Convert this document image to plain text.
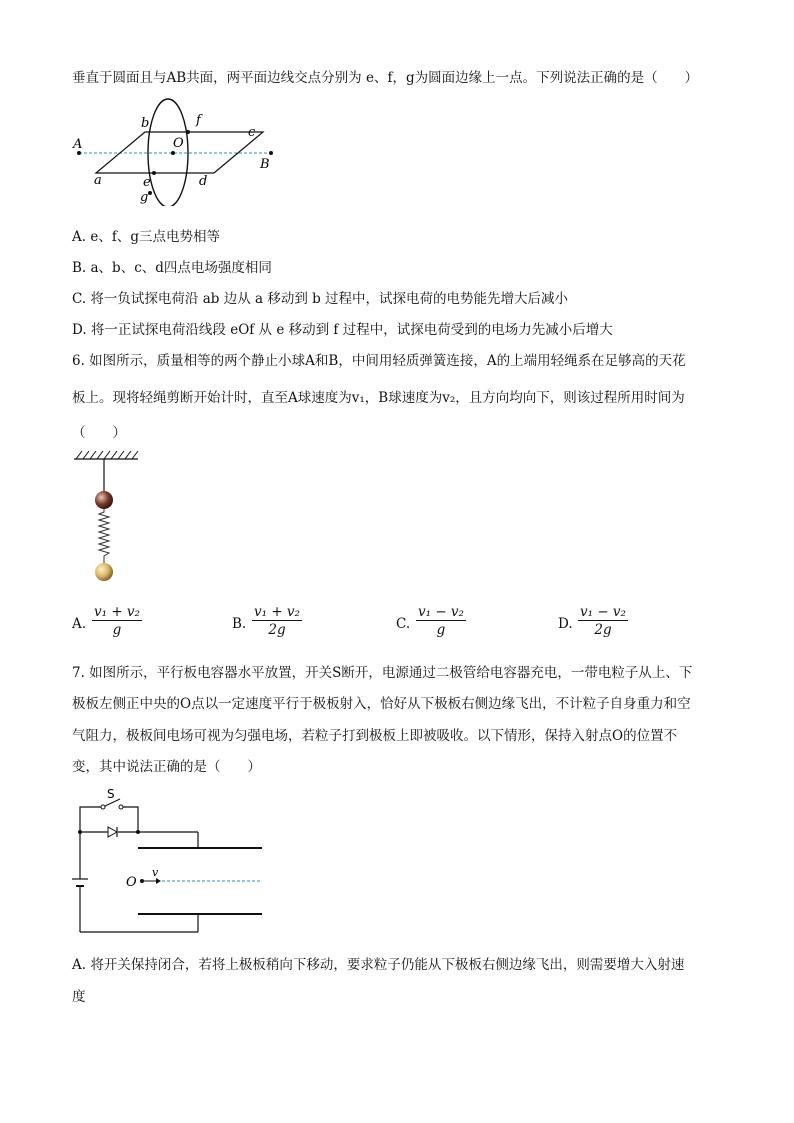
垂直于圆面且与AB共面，两平面边线交点分别为 e、f，g为圆面边缘上一点。下列说法正确的是（　　）
A
B
O
a
b
c
d
e
f
g
A. e、f、g三点电势相等
B. a、b、c、d四点电场强度相同
C. 将一负试探电荷沿 ab 边从 a 移动到 b 过程中，试探电荷的电势能先增大后减小
D. 将一正试探电荷沿线段 eOf 从 e 移动到 f 过程中，试探电荷受到的电场力先减小后增大
6. 如图所示，质量相等的两个静止小球A和B，中间用轻质弹簧连接，A的上端用轻绳系在足够高的天花
板上。现将轻绳剪断开始计时，直至A球速度为v₁，B球速度为v₂，且方向均向下，则该过程所用时间为
（　　）
A. $\frac{\text{v₁ + v₂}}{g}$	B. $\frac{\text{v₁ + v₂}}{2g}$	C. $\frac{\text{v₁ − v₂}}{g}$	D. $\frac{\text{v₁ − v₂}}{2g}$
7. 如图所示，平行板电容器水平放置，开关S断开，电源通过二极管给电容器充电，一带电粒子从上、下
极板左侧正中央的O点以一定速度平行于极板射入，恰好从下极板右侧边缘飞出，不计粒子自身重力和空
气阻力，极板间电场可视为匀强电场，若粒子打到极板上即被吸收。以下情形，保持入射点O的位置不
变，其中说法正确的是（　　）
S
O
v
A. 将开关保持闭合，若将上极板稍向下移动，要求粒子仍能从下极板右侧边缘飞出，则需要增大入射速
度
